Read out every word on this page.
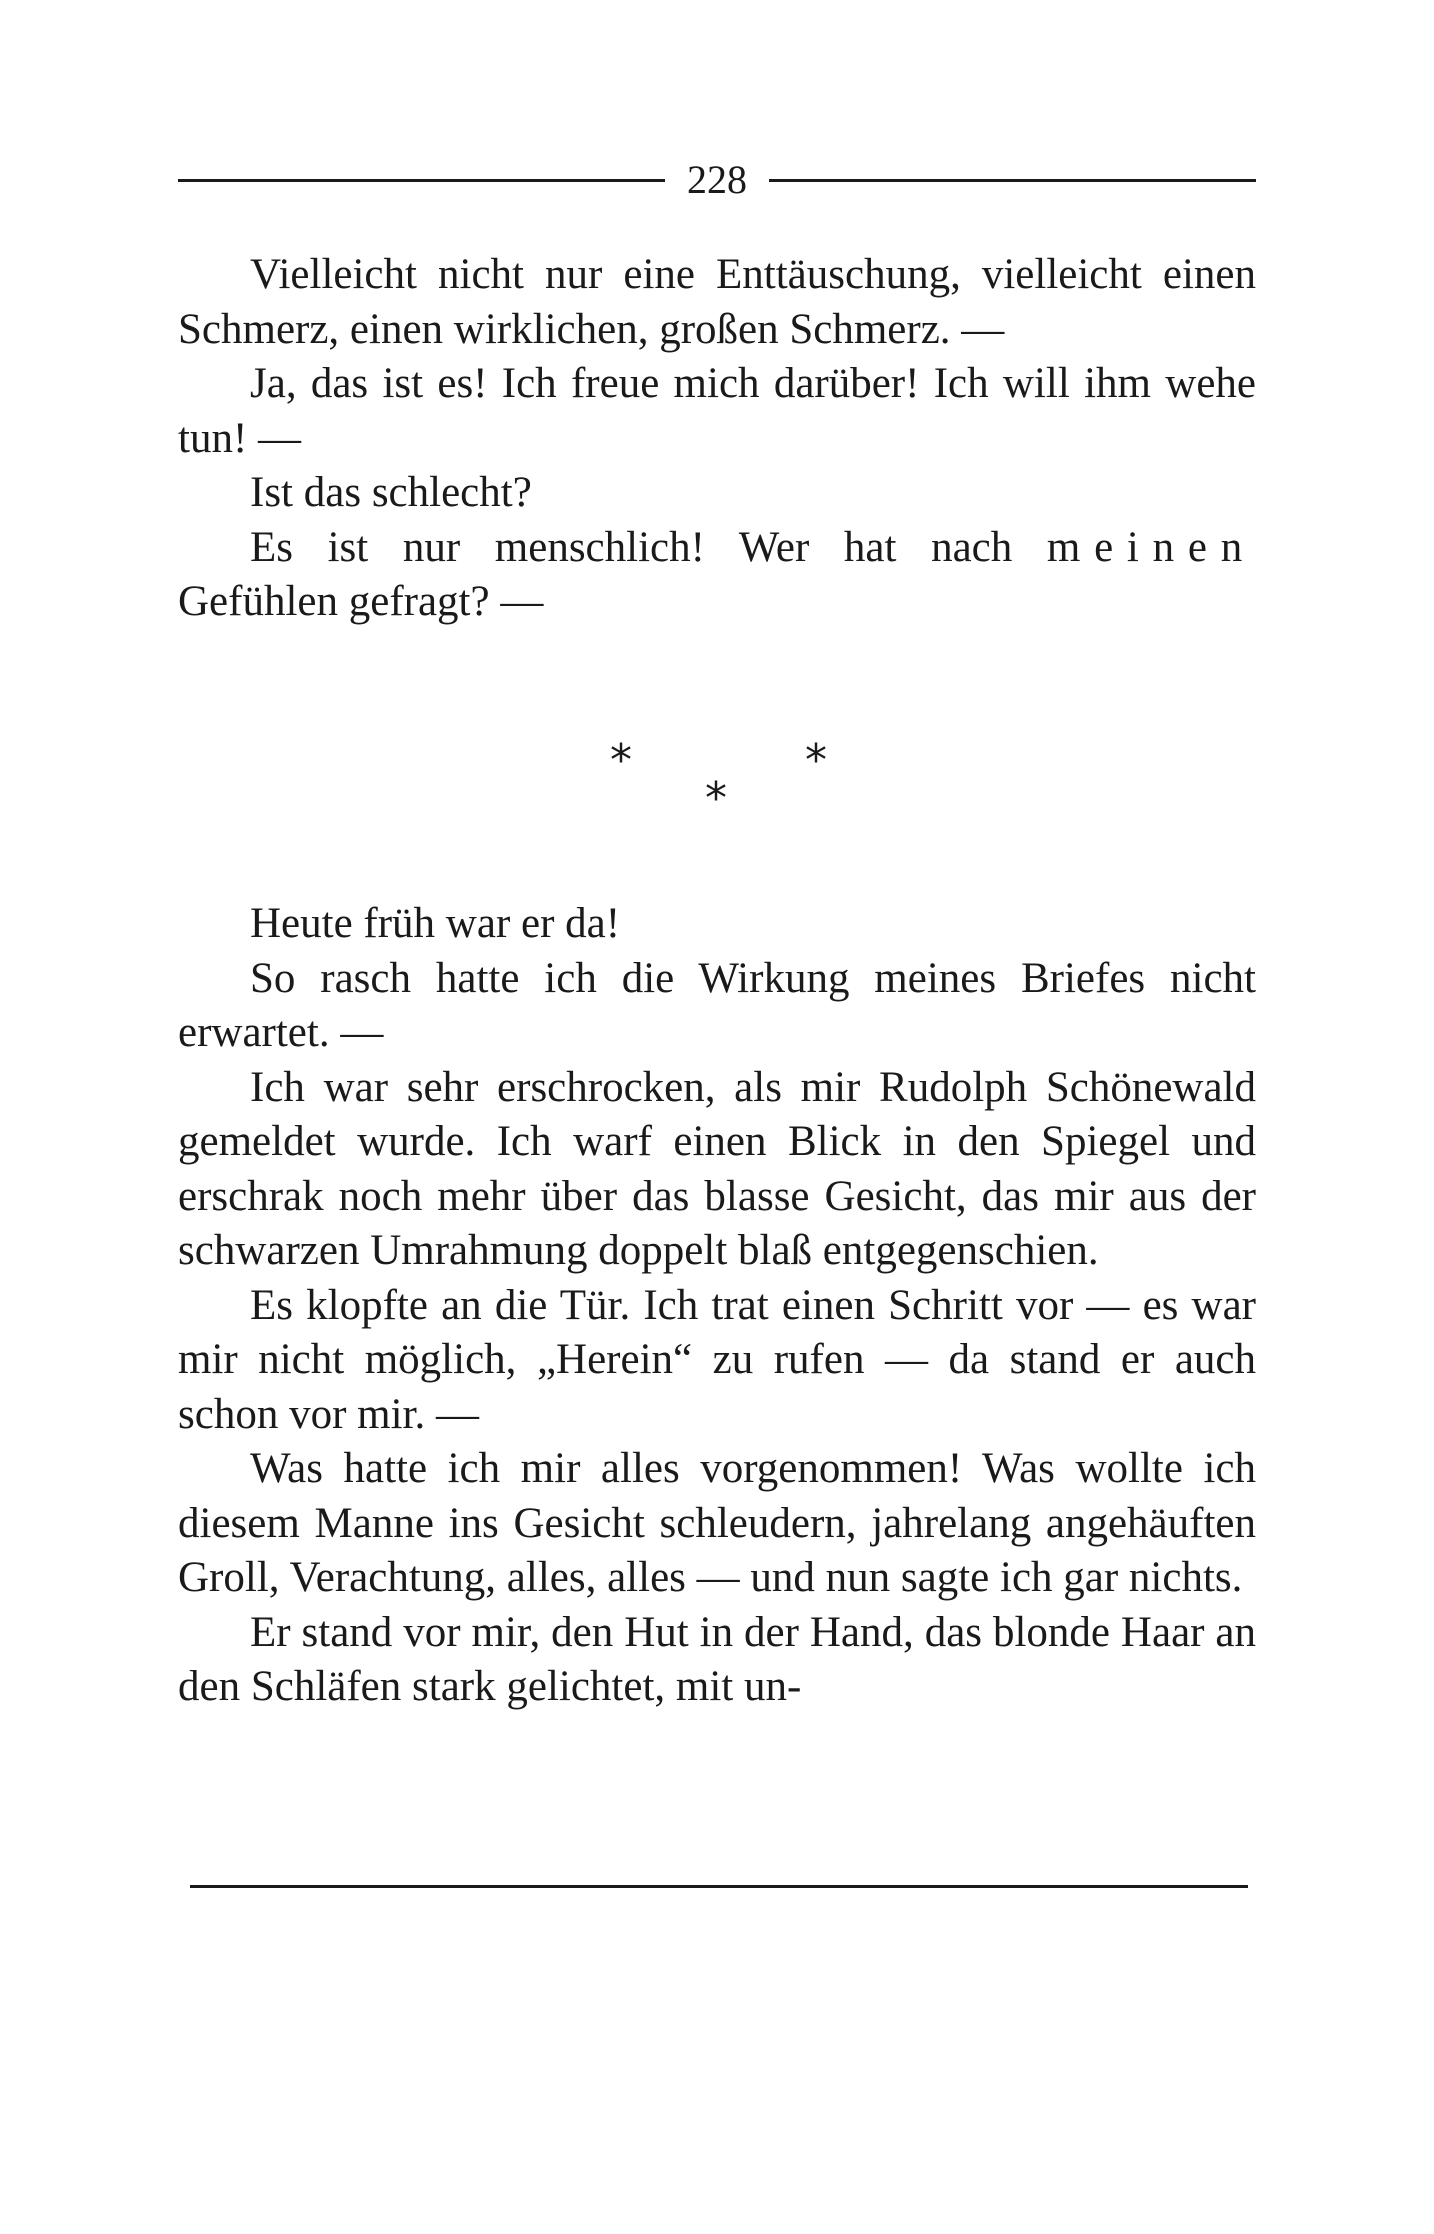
228

Vielleicht nicht nur eine Enttäuschung, vielleicht einen Schmerz, einen wirklichen, großen Schmerz. —

Ja, das ist es! Ich freue mich darüber! Ich will ihm wehe tun! —

Ist das schlecht?

Es ist nur menschlich! Wer hat nach meinen Gefühlen gefragt? —

*	*
*

Heute früh war er da!

So rasch hatte ich die Wirkung meines Briefes nicht erwartet. —

Ich war sehr erschrocken, als mir Rudolph Schönewald gemeldet wurde. Ich warf einen Blick in den Spiegel und erschrak noch mehr über das blasse Gesicht, das mir aus der schwarzen Umrahmung doppelt blaß entgegenschien.

Es klopfte an die Tür. Ich trat einen Schritt vor — es war mir nicht möglich, „Herein“ zu rufen — da stand er auch schon vor mir. —

Was hatte ich mir alles vorgenommen! Was wollte ich diesem Manne ins Gesicht schleudern, jahrelang angehäuften Groll, Verachtung, alles, alles — und nun sagte ich gar nichts.

Er stand vor mir, den Hut in der Hand, das blonde Haar an den Schläfen stark gelichtet, mit un-
